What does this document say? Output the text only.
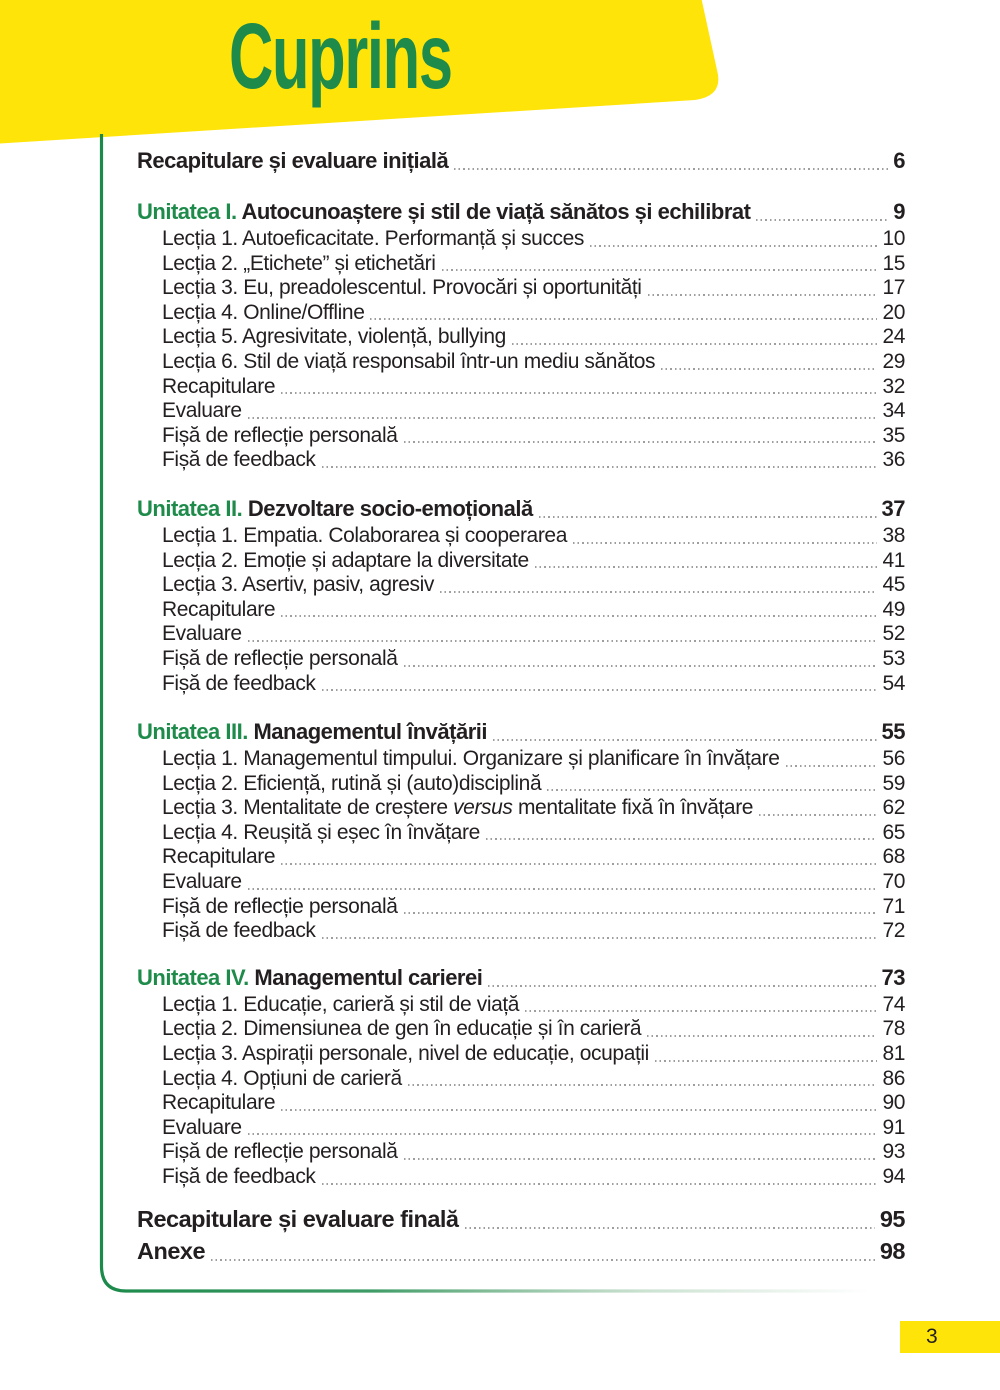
Cuprins
Recapitulare și evaluare inițială	6
Unitatea I. Autocunoaștere și stil de viață sănătos și echilibrat	9
Lecția 1. Autoeficacitate. Performanță și succes	10
Lecția 2. „Etichete” și etichetări	15
Lecția 3. Eu, preadolescentul. Provocări și oportunități	17
Lecția 4. Online/Offline	20
Lecția 5. Agresivitate, violență, bullying	24
Lecția 6. Stil de viață responsabil într-un mediu sănătos	29
Recapitulare	32
Evaluare	34
Fișă de reflecție personală	35
Fișă de feedback	36
Unitatea II. Dezvoltare socio-emoțională	37
Lecția 1. Empatia. Colaborarea și cooperarea	38
Lecția 2. Emoție și adaptare la diversitate	41
Lecția 3. Asertiv, pasiv, agresiv	45
Recapitulare	49
Evaluare	52
Fișă de reflecție personală	53
Fișă de feedback	54
Unitatea III. Managementul învățării	55
Lecția 1. Managementul timpului. Organizare și planificare în învățare	56
Lecția 2. Eficiență, rutină și (auto)disciplină	59
Lecția 3. Mentalitate de creștere versus mentalitate fixă în învățare	62
Lecția 4. Reușită și eșec în învățare	65
Recapitulare	68
Evaluare	70
Fișă de reflecție personală	71
Fișă de feedback	72
Unitatea IV. Managementul carierei	73
Lecția 1. Educație, carieră și stil de viață	74
Lecția 2. Dimensiunea de gen în educație și în carieră	78
Lecția 3. Aspirații personale, nivel de educație, ocupații	81
Lecția 4. Opțiuni de carieră	86
Recapitulare	90
Evaluare	91
Fișă de reflecție personală	93
Fișă de feedback	94
Recapitulare și evaluare finală	95
Anexe	98
3
